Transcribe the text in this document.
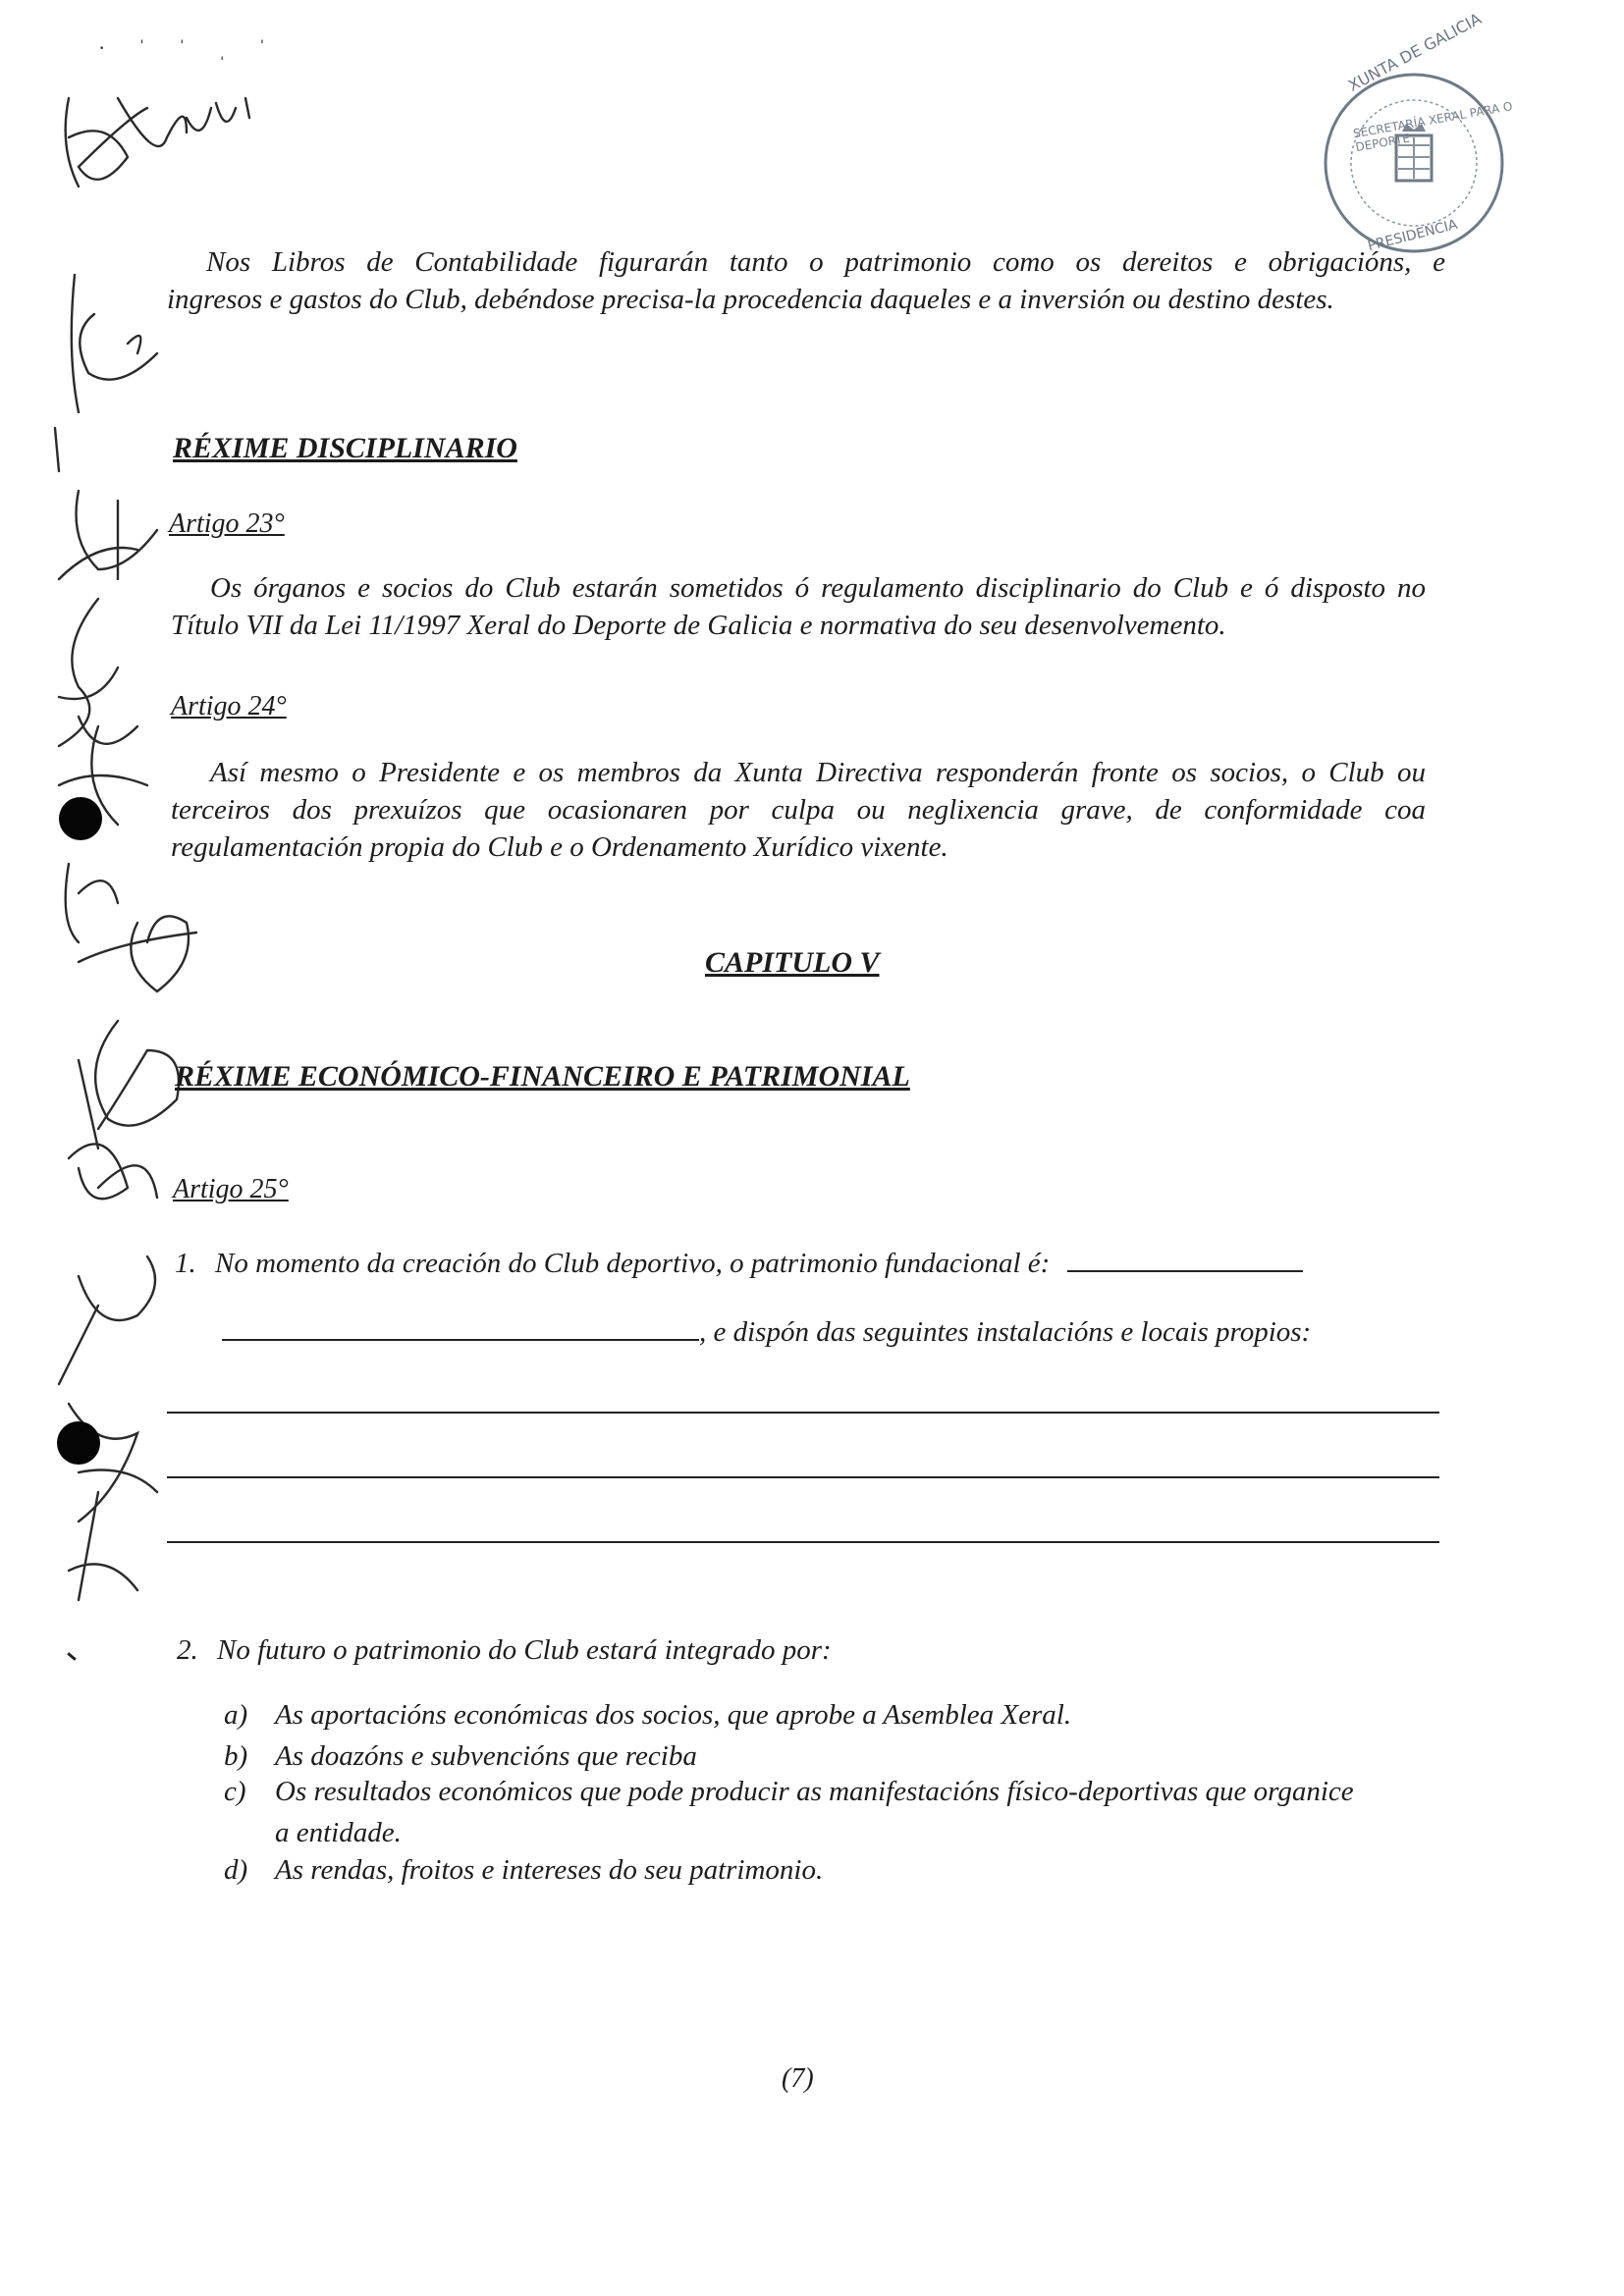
· ˈ ˈ ˌ ˈ	XUNTA DE GALICIA
SECRETARÍA XERAL PARA O DEPORTE
PRESIDENCIA
Nos Libros de Contabilidade figurarán tanto o patrimonio como os dereitos e obrigacións, e
ingresos e gastos do Club, debéndose precisa-la procedencia daqueles e a inversión ou destino destes.
RÉXIME DISCIPLINARIO
Artigo 23°
Os órganos e socios do Club estarán sometidos ó regulamento disciplinario do Club e ó disposto no
Título VII da Lei 11/1997 Xeral do Deporte de Galicia e normativa do seu desenvolvemento.
Artigo 24°
Así mesmo o Presidente e os membros da Xunta Directiva responderán fronte os socios, o Club ou
terceiros dos prexuízos que ocasionaren por culpa ou neglixencia grave, de conformidade coa
regulamentación propia do Club e o Ordenamento Xurídico vixente.
CAPITULO V
RÉXIME ECONÓMICO-FINANCEIRO E PATRIMONIAL
Artigo 25°
1. No momento da creación do Club deportivo, o patrimonio fundacional é:
, e dispón das seguintes instalacións e locais propios:
2. No futuro o patrimonio do Club estará integrado por:
a) As aportacións económicas dos socios, que aprobe a Asemblea Xeral.
b) As doazóns e subvencións que reciba
c) Os resultados económicos que pode producir as manifestacións físico-deportivas que organice
a entidade.
d) As rendas, froitos e intereses do seu patrimonio.
(7)
